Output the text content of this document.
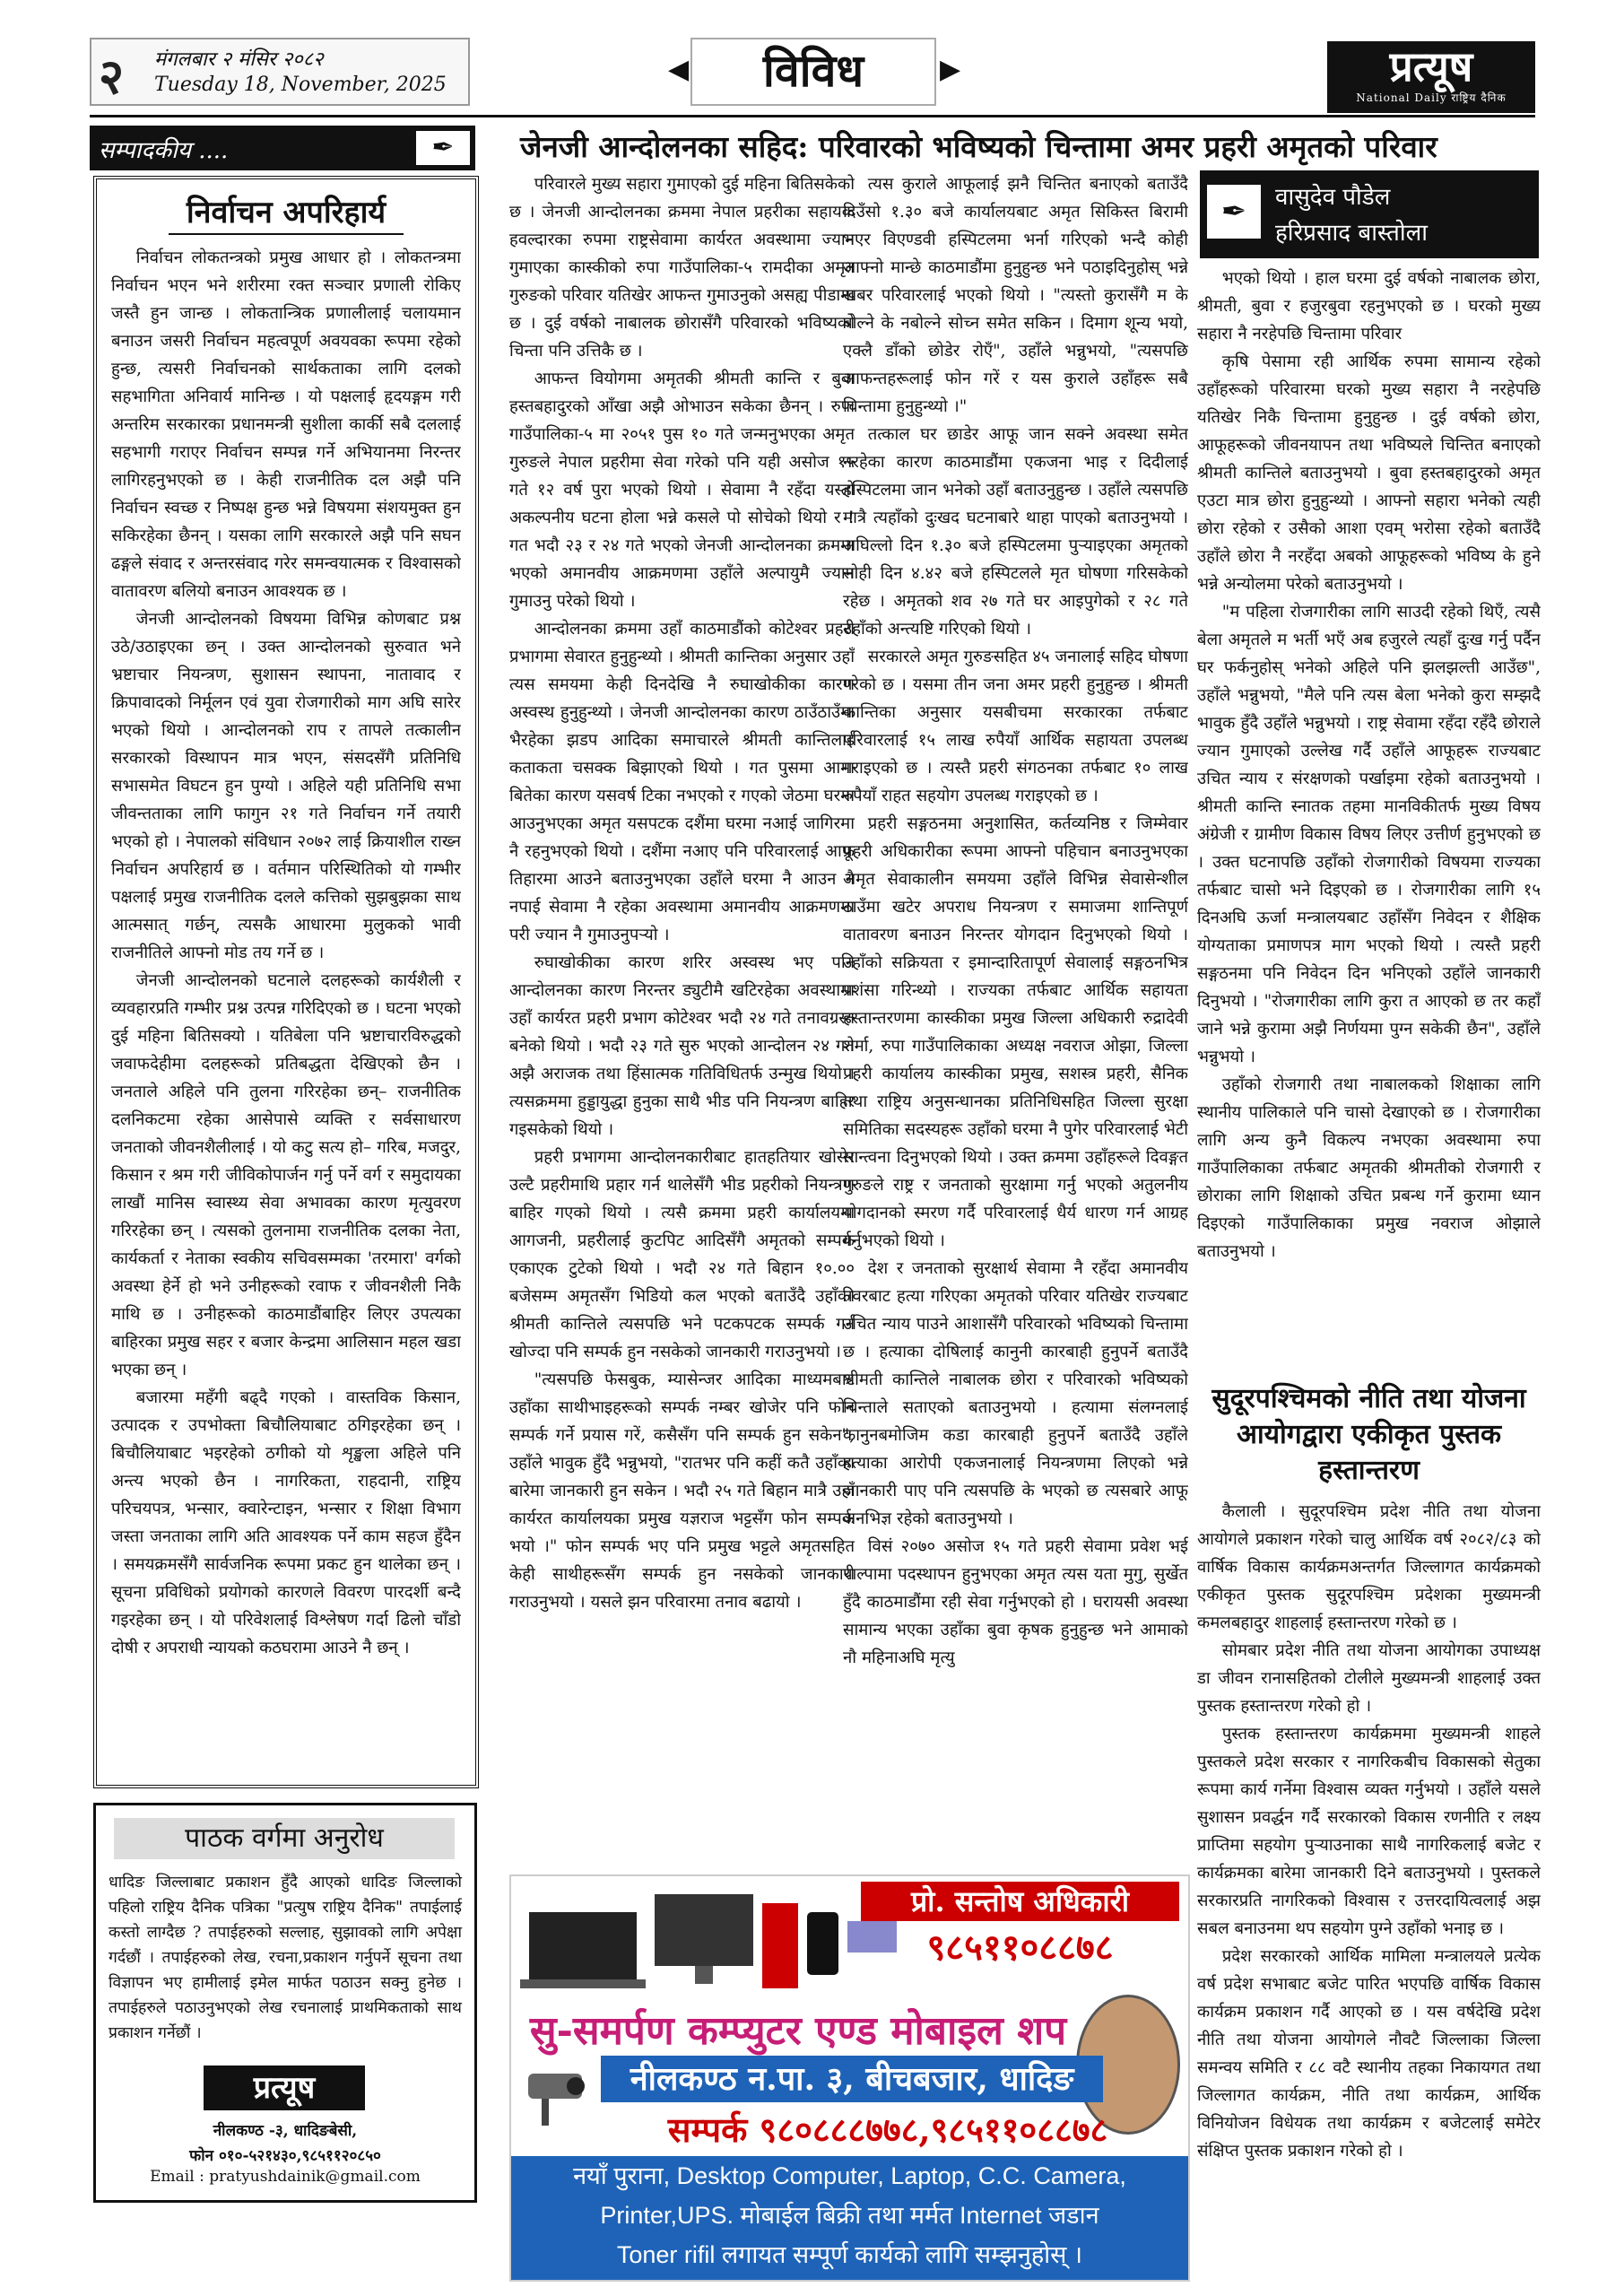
२ मंगलबार २ मंसिर २०८२
Tuesday 18, November, 2025	◀	विविध	▶	प्रत्यूष
National Daily राष्ट्रिय दैनिक
सम्पादकीय ....	✒
निर्वाचन अपरिहार्य

निर्वाचन लोकतन्त्रको प्रमुख आधार हो । लोकतन्त्रमा निर्वाचन भएन भने शरीरमा रक्त सञ्चार प्रणाली रोकिए जस्तै हुन जान्छ । लोकतान्त्रिक प्रणालीलाई चलायमान बनाउन जसरी निर्वाचन महत्वपूर्ण अवयवका रूपमा रहेको हुन्छ, त्यसरी निर्वाचनको सार्थकताका लागि दलको सहभागिता अनिवार्य मानिन्छ । यो पक्षलाई हृदयङ्गम गरी अन्तरिम सरकारका प्रधानमन्त्री सुशीला कार्की सबै दललाई सहभागी गराएर निर्वाचन सम्पन्न गर्ने अभियानमा निरन्तर लागिरहनुभएको छ । केही राजनीतिक दल अझै पनि निर्वाचन स्वच्छ र निष्पक्ष हुन्छ भन्ने विषयमा संशयमुक्त हुन सकिरहेका छैनन् । यसका लागि सरकारले अझै पनि सघन ढङ्गले संवाद र अन्तरसंवाद गरेर समन्वयात्मक र विश्वासको वातावरण बलियो बनाउन आवश्यक छ ।

जेनजी आन्दोलनको विषयमा विभिन्न कोणबाट प्रश्न उठे/उठाइएका छन् । उक्त आन्दोलनको सुरुवात भने भ्रष्टाचार नियन्त्रण, सुशासन स्थापना, नातावाद र क्रिपावादको निर्मूलन एवं युवा रोजगारीको माग अघि सारेर भएको थियो । आन्दोलनको राप र तापले तत्कालीन सरकारको विस्थापन मात्र भएन, संसदसँगै प्रतिनिधि सभासमेत विघटन हुन पुग्यो । अहिले यही प्रतिनिधि सभा जीवन्तताका लागि फागुन २१ गते निर्वाचन गर्ने तयारी भएको हो । नेपालको संविधान २०७२ लाई क्रियाशील राख्न निर्वाचन अपरिहार्य छ । वर्तमान परिस्थितिको यो गम्भीर पक्षलाई प्रमुख राजनीतिक दलले कत्तिको सुझबुझका साथ आत्मसात् गर्छन्, त्यसकै आधारमा मुलुकको भावी राजनीतिले आफ्नो मोड तय गर्ने छ ।

जेनजी आन्दोलनको घटनाले दलहरूको कार्यशैली र व्यवहारप्रति गम्भीर प्रश्न उत्पन्न गरिदिएको छ । घटना भएको दुई महिना बितिसक्यो । यतिबेला पनि भ्रष्टाचारविरुद्धको जवाफदेहीमा दलहरूको प्रतिबद्धता देखिएको छैन । जनताले अहिले पनि तुलना गरिरहेका छन्– राजनीतिक दलनिकटमा रहेका आसेपासे व्यक्ति र सर्वसाधारण जनताको जीवनशैलीलाई । यो कटु सत्य हो– गरिब, मजदुर, किसान र श्रम गरी जीविकोपार्जन गर्नु पर्ने वर्ग र समुदायका लाखौं मानिस स्वास्थ्य सेवा अभावका कारण मृत्युवरण गरिरहेका छन् । त्यसको तुलनामा राजनीतिक दलका नेता, कार्यकर्ता र नेताका स्वकीय सचिवसम्मका 'तरमारा' वर्गको अवस्था हेर्ने हो भने उनीहरूको रवाफ र जीवनशैली निकै माथि छ । उनीहरूको काठमाडौंबाहिर लिएर उपत्यका बाहिरका प्रमुख सहर र बजार केन्द्रमा आलिसान महल खडा भएका छन् ।

बजारमा महँगी बढ्दै गएको । वास्तविक किसान, उत्पादक र उपभोक्ता बिचौलियाबाट ठगिइरहेका छन् । बिचौलियाबाट भइरहेको ठगीको यो शृङ्खला अहिले पनि अन्त्य भएको छैन । नागरिकता, राहदानी, राष्ट्रिय परिचयपत्र, भन्सार, क्वारेन्टाइन, भन्सार र शिक्षा विभाग जस्ता जनताका लागि अति आवश्यक पर्ने काम सहज हुँदैन । समयक्रमसँगै सार्वजनिक रूपमा प्रकट हुन थालेका छन् । सूचना प्रविधिको प्रयोगको कारणले विवरण पारदर्शी बन्दै गइरहेका छन् । यो परिवेशलाई विश्लेषण गर्दा ढिलो चाँडो दोषी र अपराधी न्यायको कठघरामा आउने नै छन् ।

पाठक वर्गमा अनुरोध
धादिङ जिल्लाबाट प्रकाशन हुँदै आएको धादिङ जिल्लाको पहिलो राष्ट्रिय दैनिक पत्रिका "प्रत्युष राष्ट्रिय दैनिक" तपाईलाई कस्तो लाग्दैछ ? तपाईहरुको सल्लाह, सुझावको लागि अपेक्षा गर्दछौं । तपाईहरुको लेख, रचना,प्रकाशन गर्नुपर्ने सूचना तथा विज्ञापन भए हामीलाई इमेल मार्फत पठाउन सक्नु हुनेछ । तपाईहरुले पठाउनुभएको लेख रचनालाई प्राथमिकताको साथ प्रकाशन गर्नेछौं ।
प्रत्यूष
नीलकण्ठ -३, धादिङबेसी,
फोन ०१०-५२१४३०,९८५११२०८५०
Email : pratyushdainik@gmail.com
जेनजी आन्दोलनका सहिद: परिवारको भविष्यको चिन्तामा अमर प्रहरी अमृतको परिवार

परिवारले मुख्य सहारा गुमाएको दुई महिना बितिसकेको छ । जेनजी आन्दोलनका क्रममा नेपाल प्रहरीका सहायक हवल्दारका रुपमा राष्ट्रसेवामा कार्यरत अवस्थामा ज्यान गुमाएका कास्कीको रुपा गाउँपालिका-५ रामदीका अमृत गुरुङको परिवार यतिखेर आफन्त गुमाउनुको असह्य पीडामा छ । दुई वर्षको नाबालक छोरासँगै परिवारको भविष्यको चिन्ता पनि उत्तिकै छ ।

आफन्त वियोगमा अमृतकी श्रीमती कान्ति र बुवा हस्तबहादुरको आँखा अझै ओभाउन सकेका छैनन् । रुपा गाउँपालिका-५ मा २०५१ पुस १० गते जन्मनुभएका अमृत गुरुङले नेपाल प्रहरीमा सेवा गरेको पनि यही असोज १५ गते १२ वर्ष पुरा भएको थियो । सेवामा नै रहँदा यस्तो अकल्पनीय घटना होला भन्ने कसले पो सोचेको थियो र ! गत भदौ २३ र २४ गते भएको जेनजी आन्दोलनका क्रममा भएको अमानवीय आक्रमणमा उहाँले अल्पायुमै ज्यान गुमाउनु परेको थियो ।

आन्दोलनका क्रममा उहाँ काठमाडौंको कोटेश्वर प्रहरी प्रभागमा सेवारत हुनुहुन्थ्यो । श्रीमती कान्तिका अनुसार उहाँ त्यस समयमा केही दिनदेखि नै रुघाखोकीका कारण अस्वस्थ हुनुहुन्थ्यो । जेनजी आन्दोलनका कारण ठाउँठाउँमा भैरहेका झडप आदिका समाचारले श्रीमती कान्तिलाई कताकता चसक्क बिझाएको थियो । गत पुसमा आमा बितेका कारण यसवर्ष टिका नभएको र गएको जेठमा घरमा आउनुभएका अमृत यसपटक दशैंमा घरमा नआई जागिरमा नै रहनुभएको थियो । दशैंमा नआए पनि परिवारलाई आफू तिहारमा आउने बताउनुभएका उहाँले घरमा नै आउन नै नपाई सेवामा नै रहेका अवस्थामा अमानवीय आक्रमणमा परी ज्यान नै गुमाउनुपर्‍यो ।

रुघाखोकीका कारण शरिर अस्वस्थ भए पनि आन्दोलनका कारण निरन्तर ड्युटीमै खटिरहेका अवस्थामा उहाँ कार्यरत प्रहरी प्रभाग कोटेश्वर भदौ २४ गते तनावग्रस्त बनेको थियो । भदौ २३ गते सुरु भएको आन्दोलन २४ गते अझै अराजक तथा हिंसात्मक गतिविधितर्फ उन्मुख थियो । त्यसक्रममा हुड्डायुद्धा हुनुका साथै भीड पनि नियन्त्रण बाहिर गइसकेको थियो ।

प्रहरी प्रभागमा आन्दोलनकारीबाट हातहतियार खोसेर उल्टै प्रहरीमाथि प्रहार गर्न थालेसँगै भीड प्रहरीको नियन्त्रण बाहिर गएको थियो । त्यसै क्रममा प्रहरी कार्यालयमा आगजनी, प्रहरीलाई कुटपिट आदिसँगै अमृतको सम्पर्क एकाएक टुटेको थियो । भदौ २४ गते बिहान १०.०० बजेसम्म अमृतसँग भिडियो कल भएको बताउँदै उहाँकी श्रीमती कान्तिले त्यसपछि भने पटकपटक सम्पर्क गर्न खोज्दा पनि सम्पर्क हुन नसकेको जानकारी गराउनुभयो ।

"त्यसपछि फेसबुक, म्यासेन्जर आदिका माध्यमबाट उहाँका साथीभाइहरूको सम्पर्क नम्बर खोजेर पनि फोन सम्पर्क गर्ने प्रयास गरें, कसैसँग पनि सम्पर्क हुन सकेन", उहाँले भावुक हुँदै भन्नुभयो, "रातभर पनि कहीं कतै उहाँका बारेमा जानकारी हुन सकेन । भदौ २५ गते बिहान मात्रै उहाँ कार्यरत कार्यालयका प्रमुख यज्ञराज भट्टसँग फोन सम्पर्क भयो ।" फोन सम्पर्क भए पनि प्रमुख भट्टले अमृतसहित केही साथीहरूसँग सम्पर्क हुन नसकेको जानकारी गराउनुभयो । यसले झन परिवारमा तनाव बढायो ।

त्यस कुराले आफूलाई झनै चिन्तित बनाएको बताउँदै दिउँसो १.३० बजे कार्यालयबाट अमृत सिकिस्त बिरामी भएर विएण्डवी हस्पिटलमा भर्ना गरिएको भन्दै कोही आफ्नो मान्छे काठमाडौंमा हुनुहुन्छ भने पठाइदिनुहोस् भन्ने खबर परिवारलाई भएको थियो । "त्यस्तो कुरासँगै म के बोल्ने के नबोल्ने सोच्न समेत सकिन । दिमाग शून्य भयो, एक्लै डाँको छोडेर रोएँ", उहाँले भन्नुभयो, "त्यसपछि आफन्तहरूलाई फोन गरें र यस कुराले उहाँहरू सबै चिन्तामा हुनुहुन्थ्यो ।"

तत्काल घर छाडेर आफू जान सक्ने अवस्था समेत नरहेका कारण काठमाडौंमा एकजना भाइ र दिदीलाई हस्पिटलमा जान भनेको उहाँ बताउनुहुन्छ । उहाँले त्यसपछि मात्रै त्यहाँको दुःखद घटनाबारे थाहा पाएको बताउनुभयो । अघिल्लो दिन १.३० बजे हस्पिटलमा पुऱ्याइएका अमृतको सोही दिन ४.४२ बजे हस्पिटलले मृत घोषणा गरिसकेको रहेछ । अमृतको शव २७ गते घर आइपुगेको र २८ गते उहाँको अन्त्यष्टि गरिएको थियो ।

सरकारले अमृत गुरुङसहित ४५ जनालाई सहिद घोषणा गरेको छ । यसमा तीन जना अमर प्रहरी हुनुहुन्छ । श्रीमती कान्तिका अनुसार यसबीचमा सरकारका तर्फबाट परिवारलाई १५ लाख रुपैयाँ आर्थिक सहायता उपलब्ध गराइएको छ । त्यस्तै प्रहरी संगठनका तर्फबाट १० लाख रुपैयाँ राहत सहयोग उपलब्ध गराइएको छ ।

प्रहरी सङ्गठनमा अनुशासित, कर्तव्यनिष्ठ र जिम्मेवार प्रहरी अधिकारीका रूपमा आफ्नो पहिचान बनाउनुभएका अमृत सेवाकालीन समयमा उहाँले विभिन्न सेवासेन्शील ठाउँमा खटेर अपराध नियन्त्रण र समाजमा शान्तिपूर्ण वातावरण बनाउन निरन्तर योगदान दिनुभएको थियो । उहाँको सक्रियता र इमान्दारितापूर्ण सेवालाई सङ्गठनभित्र प्रशंसा गरिन्थ्यो । राज्यका तर्फबाट आर्थिक सहायता हस्तान्तरणमा कास्कीका प्रमुख जिल्ला अधिकारी रुद्रादेवी शर्मा, रुपा गाउँपालिकाका अध्यक्ष नवराज ओझा, जिल्ला प्रहरी कार्यालय कास्कीका प्रमुख, सशस्त्र प्रहरी, सैनिक तथा राष्ट्रिय अनुसन्धानका प्रतिनिधिसहित जिल्ला सुरक्षा समितिका सदस्यहरू उहाँको घरमा नै पुगेर परिवारलाई भेटी सान्त्वना दिनुभएको थियो । उक्त क्रममा उहाँहरूले दिवङ्गत गुरुङले राष्ट्र र जनताको सुरक्षामा गर्नु भएको अतुलनीय योगदानको स्मरण गर्दै परिवारलाई धैर्य धारण गर्न आग्रह गर्नुभएको थियो ।

देश र जनताको सुरक्षार्थ सेवामा नै रहँदा अमानवीय तवरबाट हत्या गरिएका अमृतको परिवार यतिखेर राज्यबाट उचित न्याय पाउने आशासँगै परिवारको भविष्यको चिन्तामा छ । हत्याका दोषिलाई कानुनी कारबाही हुनुपर्ने बताउँदै श्रीमती कान्तिले नाबालक छोरा र परिवारको भविष्यको चिन्ताले सताएको बताउनुभयो । हत्यामा संलग्नलाई कानुनबमोजिम कडा कारबाही हुनुपर्ने बताउँदै उहाँले हत्याका आरोपी एकजनालाई नियन्त्रणमा लिएको भन्ने जानकारी पाए पनि त्यसपछि के भएको छ त्यसबारे आफू अनभिज्ञ रहेको बताउनुभयो ।

विसं २०७० असोज १५ गते प्रहरी सेवामा प्रवेश भई पाल्पामा पदस्थापन हुनुभएका अमृत त्यस यता मुगु, सुर्खेत हुँदै काठमाडौंमा रही सेवा गर्नुभएको हो । घरायसी अवस्था सामान्य भएका उहाँका बुवा कृषक हुनुहुन्छ भने आमाको नौ महिनाअघि मृत्यु

✒	वासुदेव पौडेल
हरिप्रसाद बास्तोला

भएको थियो । हाल घरमा दुई वर्षको नाबालक छोरा, श्रीमती, बुवा र हजुरबुवा रहनुभएको छ । घरको मुख्य सहारा नै नरहेपछि चिन्तामा परिवार

कृषि पेसामा रही आर्थिक रुपमा सामान्य रहेको उहाँहरूको परिवारमा घरको मुख्य सहारा नै नरहेपछि यतिखेर निकै चिन्तामा हुनुहुन्छ । दुई वर्षको छोरा, आफूहरूको जीवनयापन तथा भविष्यले चिन्तित बनाएको श्रीमती कान्तिले बताउनुभयो । बुवा हस्तबहादुरको अमृत एउटा मात्र छोरा हुनुहुन्थ्यो । आफ्नो सहारा भनेको त्यही छोरा रहेको र उसैको आशा एवम् भरोसा रहेको बताउँदै उहाँले छोरा नै नरहँदा अबको आफूहरूको भविष्य के हुने भन्ने अन्योलमा परेको बताउनुभयो ।

"म पहिला रोजगारीका लागि साउदी रहेको थिएँ, त्यसै बेला अमृतले म भर्ती भएँ अब हजुरले त्यहाँ दुःख गर्नु पर्दैन घर फर्कनुहोस् भनेको अहिले पनि झलझल्ती आउँछ", उहाँले भन्नुभयो, "मैले पनि त्यस बेला भनेको कुरा सम्झदै भावुक हुँदै उहाँले भन्नुभयो । राष्ट्र सेवामा रहँदा रहँदै छोराले ज्यान गुमाएको उल्लेख गर्दै उहाँले आफूहरू राज्यबाट उचित न्याय र संरक्षणको पर्खाइमा रहेको बताउनुभयो । श्रीमती कान्ति स्नातक तहमा मानविकीतर्फ मुख्य विषय अंग्रेजी र ग्रामीण विकास विषय लिएर उत्तीर्ण हुनुभएको छ । उक्त घटनापछि उहाँको रोजगारीको विषयमा राज्यका तर्फबाट चासो भने दिइएको छ । रोजगारीका लागि १५ दिनअघि ऊर्जा मन्त्रालयबाट उहाँसँग निवेदन र शैक्षिक योग्यताका प्रमाणपत्र माग भएको थियो । त्यस्तै प्रहरी सङ्गठनमा पनि निवेदन दिन भनिएको उहाँले जानकारी दिनुभयो । "रोजगारीका लागि कुरा त आएको छ तर कहाँ जाने भन्ने कुरामा अझै निर्णयमा पुग्न सकेकी छैन", उहाँले भन्नुभयो ।

उहाँको रोजगारी तथा नाबालकको शिक्षाका लागि स्थानीय पालिकाले पनि चासो देखाएको छ । रोजगारीका लागि अन्य कुनै विकल्प नभएका अवस्थामा रुपा गाउँपालिकाका तर्फबाट अमृतकी श्रीमतीको रोजगारी र छोराका लागि शिक्षाको उचित प्रबन्ध गर्ने कुरामा ध्यान दिइएको गाउँपालिकाका प्रमुख नवराज ओझाले बताउनुभयो ।

सुदूरपश्चिमको नीति तथा योजना आयोगद्वारा एकीकृत पुस्तक हस्तान्तरण

कैलाली । सुदूरपश्चिम प्रदेश नीति तथा योजना आयोगले प्रकाशन गरेको चालु आर्थिक वर्ष २०८२/८३ को वार्षिक विकास कार्यक्रमअन्तर्गत जिल्लागत कार्यक्रमको एकीकृत पुस्तक सुदूरपश्चिम प्रदेशका मुख्यमन्त्री कमलबहादुर शाहलाई हस्तान्तरण गरेको छ ।

सोमबार प्रदेश नीति तथा योजना आयोगका उपाध्यक्ष डा जीवन रानासहितको टोलीले मुख्यमन्त्री शाहलाई उक्त पुस्तक हस्तान्तरण गरेको हो ।

पुस्तक हस्तान्तरण कार्यक्रममा मुख्यमन्त्री शाहले पुस्तकले प्रदेश सरकार र नागरिकबीच विकासको सेतुका रूपमा कार्य गर्नेमा विश्वास व्यक्त गर्नुभयो । उहाँले यसले सुशासन प्रवर्द्धन गर्दै सरकारको विकास रणनीति र लक्ष्य प्राप्तिमा सहयोग पुऱ्याउनाका साथै नागरिकलाई बजेट र कार्यक्रमका बारेमा जानकारी दिने बताउनुभयो । पुस्तकले सरकारप्रति नागरिकको विश्वास र उत्तरदायित्वलाई अझ सबल बनाउनमा थप सहयोग पुग्ने उहाँको भनाइ छ ।

प्रदेश सरकारको आर्थिक मामिला मन्त्रालयले प्रत्येक वर्ष प्रदेश सभाबाट बजेट पारित भएपछि वार्षिक विकास कार्यक्रम प्रकाशन गर्दै आएको छ । यस वर्षदेखि प्रदेश नीति तथा योजना आयोगले नौवटै जिल्लाका जिल्ला समन्वय समिति र ८८ वटै स्थानीय तहका निकायगत तथा जिल्लागत कार्यक्रम, नीति तथा कार्यक्रम, आर्थिक विनियोजन विधेयक तथा कार्यक्रम र बजेटलाई समेटेर संक्षिप्त पुस्तक प्रकाशन गरेको हो ।

प्रो. सन्तोष अधिकारी
९८५११०८८७८
सु-समर्पण कम्प्युटर एण्ड मोबाइल शप
नीलकण्ठ न.पा. ३, बीचबजार, धादिङ
सम्पर्क ९८०८८८७७८,९८५११०८८७८
नयाँ पुराना, Desktop Computer, Laptop, C.C. Camera,
Printer,UPS. मोबाईल बिक्री तथा मर्मत Internet जडान
Toner rifil लगायत सम्पूर्ण कार्यको लागि सम्झनुहोस् ।
